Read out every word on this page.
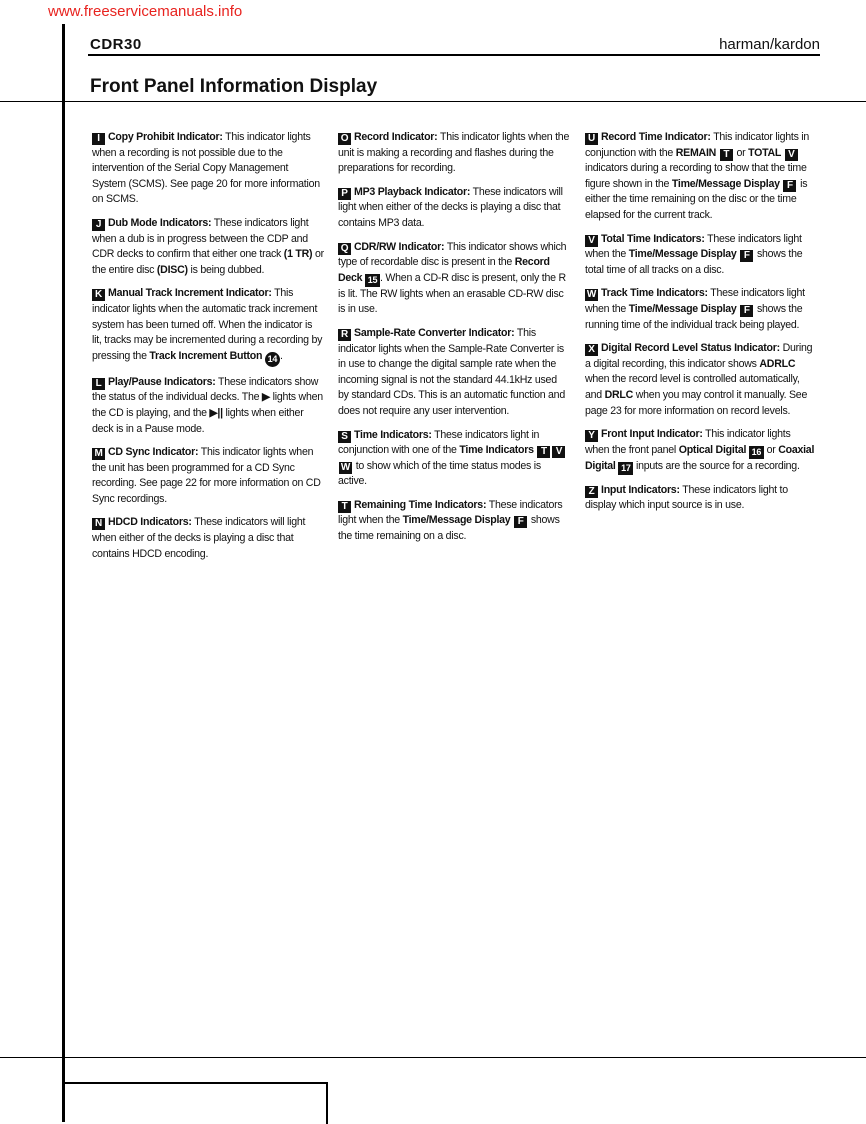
www.freeservicemanuals.info
CDR30	harman/kardon
Front Panel Information Display

I Copy Prohibit Indicator: This indicator lights when a recording is not possible due to the intervention of the Serial Copy Management System (SCMS). See page 20 for more information on SCMS.

J Dub Mode Indicators: These indicators light when a dub is in progress between the CDP and CDR decks to confirm that either one track (1 TR) or the entire disc (DISC) is being dubbed.

K Manual Track Increment Indicator: This indicator lights when the automatic track increment system has been turned off. When the indicator is lit, tracks may be incremented during a recording by pressing the Track Increment Button 14 .

L Play/Pause Indicators: These indicators show the status of the individual decks. The ▶ lights when the CD is playing, and the ▶|| lights when either deck is in a Pause mode.

M CD Sync Indicator: This indicator lights when the unit has been programmed for a CD Sync recording. See page 22 for more information on CD Sync recordings.

N HDCD Indicators: These indicators will light when either of the decks is playing a disc that contains HDCD encoding.

O Record Indicator: This indicator lights when the unit is making a recording and flashes during the preparations for recording.

P MP3 Playback Indicator: These indicators will light when either of the decks is playing a disc that contains MP3 data.

Q CDR/RW Indicator: This indicator shows which type of recordable disc is present in the Record Deck 15 . When a CD-R disc is present, only the R is lit. The RW lights when an erasable CD-RW disc is in use.

R Sample-Rate Converter Indicator: This indicator lights when the Sample-Rate Converter is in use to change the digital sample rate when the incoming signal is not the standard 44.1kHz used by standard CDs. This is an automatic function and does not require any user intervention.

S Time Indicators: These indicators light in conjunction with one of the Time Indicators T VW to show which of the time status modes is active.

T Remaining Time Indicators: These indicators light when the Time/Message Display F shows the time remaining on a disc.

U Record Time Indicator: This indicator lights in conjunction with the REMAIN T or TOTAL V indicators during a recording to show that the time figure shown in the Time/Message Display F is either the time remaining on the disc or the time elapsed for the current track.

V Total Time Indicators: These indicators light when the Time/Message Display F shows the total time of all tracks on a disc.

W Track Time Indicators: These indicators light when the Time/Message Display F shows the running time of the individual track being played.

X Digital Record Level Status Indicator: During a digital recording, this indicator shows ADRLC when the record level is controlled automatically, and DRLC when you may control it manually. See page 23 for more information on record levels.

Y Front Input Indicator: This indicator lights when the front panel Optical Digital 16 or Coaxial Digital 17 inputs are the source for a recording.

Z Input Indicators: These indicators light to display which input source is in use.
